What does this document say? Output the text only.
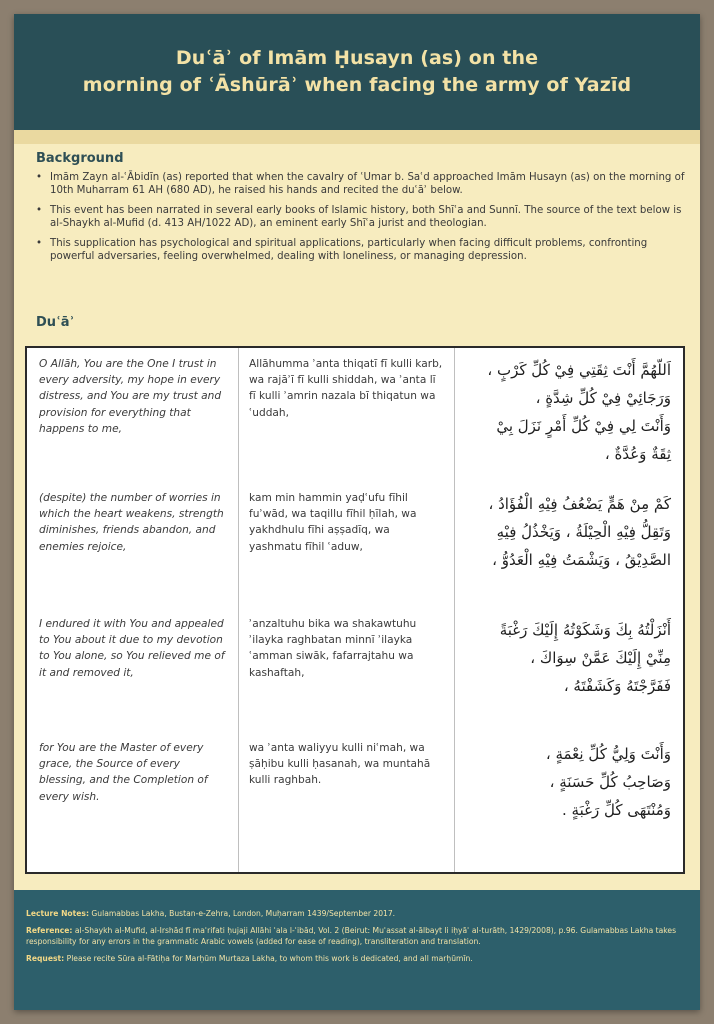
Duʿāʾ of Imām Ḥusayn (as) on the
morning of ʿĀshūrāʾ when facing the army of Yazīd
Background
• Imām Zayn al-ʿĀbidīn (as) reported that when the cavalry of ʿUmar b. Saʿd approached Imām Husayn (as) on the morning of 10th Muharram 61 AH (680 AD), he raised his hands and recited the duʿāʾ below.
• This event has been narrated in several early books of Islamic history, both Shīʿa and Sunnī. The source of the text below is al-Shaykh al-Mufid (d. 413 AH/1022 AD), an eminent early Shīʿa jurist and theologian.
• This supplication has psychological and spiritual applications, particularly when facing difficult problems, confronting powerful adversaries, feeling overwhelmed, dealing with loneliness, or managing depression.
Duʿāʾ
O Allāh, You are the One I trust in every adversity, my hope in every distress, and You are my trust and provision for everything that happens to me,
Allāhumma ʾanta thiqatī fī kulli karb, wa rajāʾī fī kulli shiddah, wa ʾanta lī fī kulli ʾamrin nazala bī thiqatun wa ʿuddah,
اَللّهُمَّ أَنْتَ ثِقَتِي فِيْ كُلِّ كَرْبٍ ،
وَرَجَائِيْ فِيْ كُلِّ شِدَّةٍ ،
وَأَنْتَ لِي فِيْ كُلِّ أَمْرٍ نَزَلَ بِيْ
ثِقَةٌ وَعُدَّةٌ ،
(despite) the number of worries in which the heart weakens, strength diminishes, friends abandon, and enemies rejoice,
kam min hammin yaḍʿufu fīhil fuʾwād, wa taqillu fīhil ḥīlah, wa yakhdhulu fīhi aṣṣadīq, wa yashmatu fīhil ʿaduw,
كَمْ مِنْ هَمٍّ يَضْعُفُ فِيْهِ الْفُؤَادُ ،
وَتَقِلُّ فِيْهِ الْحِيْلَةُ ، وَيَخْذُلُ فِيْهِ
الصَّدِيْقُ ، وَيَشْمَتُ فِيْهِ الْعَدُوُّ ،
I endured it with You and appealed to You about it due to my devotion to You alone, so You relieved me of it and removed it,
ʾanzaltuhu bika wa shakawtuhu ʾilayka raghbatan minnī ʾilayka ʿamman siwāk, fafarrajtahu wa kashaftah,
أَنْزَلْتُهُ بِكَ وَشَكَوْتُهُ إِلَيْكَ رَغْبَةً
مِنِّيْ إِلَيْكَ عَمَّنْ سِوَاكَ ،
فَفَرَّجْتَهُ وَكَشَفْتَهُ ،
for You are the Master of every grace, the Source of every blessing, and the Completion of every wish.
wa ʾanta waliyyu kulli niʿmah, wa ṣāḥibu kulli ḥasanah, wa muntahā kulli raghbah.
وَأَنْتَ وَلِيُّ كُلِّ نِعْمَةٍ ،
وَصَاحِبُ كُلِّ حَسَنَةٍ ،
وَمُنْتَهَى كُلِّ رَغْبَةٍ .

Lecture Notes: Gulamabbas Lakha, Bustan-e-Zehra, London, Muḥarram 1439/September 2017.

Reference: al-Shaykh al-Mufid, al-Irshād fī maʿrifati ḥujaji Allāhi ʿala l-ʿibād, Vol. 2 (Beirut: Muʾassat al-ālbayt li iḥyāʾ al-turāth, 1429/2008), p.96. Gulamabbas Lakha takes responsibility for any errors in the grammatic Arabic vowels (added for ease of reading), transliteration and translation.

Request: Please recite Sūra al-Fātiḥa for Marḥūm Murtaza Lakha, to whom this work is dedicated, and all marḥūmīn.
